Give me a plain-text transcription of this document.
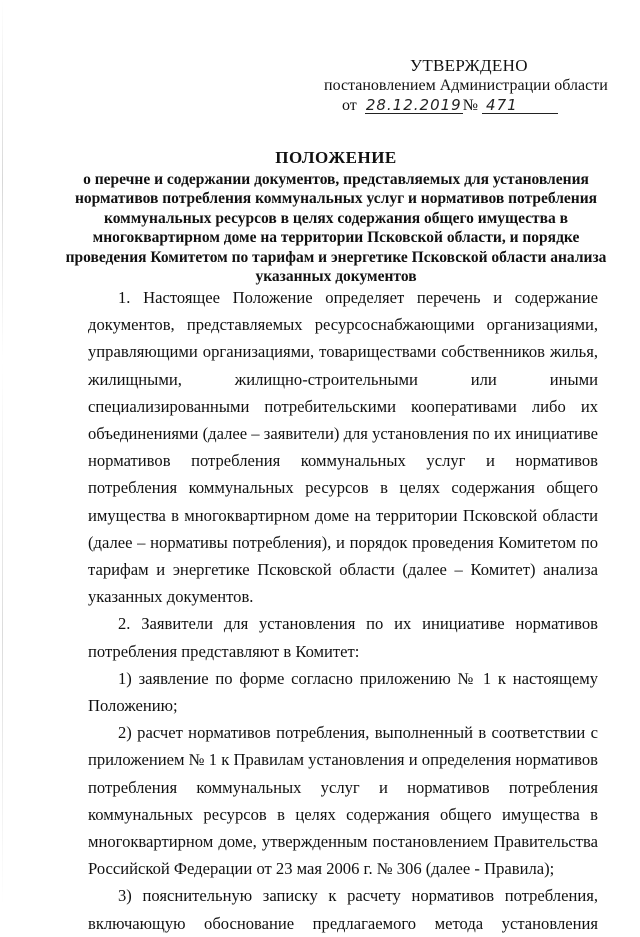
УТВЕРЖДЕНО
постановлением Администрации области
от 28.12.2019№ 471
ПОЛОЖЕНИЕ
о перечне и содержании документов, представляемых для установления нормативов потребления коммунальных услуг и нормативов потребления коммунальных ресурсов в целях содержания общего имущества в многоквартирном доме на территории Псковской области, и порядке проведения Комитетом по тарифам и энергетике Псковской области анализа указанных документов

1. Настоящее Положение определяет перечень и содержание документов, представляемых ресурсоснабжающими организациями, управляющими организациями, товариществами собственников жилья, жилищными, жилищно-строительными или иными специализированными потребительскими кооперативами либо их объединениями (далее – заявители) для установления по их инициативе нормативов потребления коммунальных услуг и нормативов потребления коммунальных ресурсов в целях содержания общего имущества в многоквартирном доме на территории Псковской области (далее – нормативы потребления), и порядок проведения Комитетом по тарифам и энергетике Псковской области (далее – Комитет) анализа указанных документов.

2. Заявители для установления по их инициативе нормативов потребления представляют в Комитет:

1) заявление по форме согласно приложению № 1 к настоящему Положению;

2) расчет нормативов потребления, выполненный в соответствии с приложением № 1 к Правилам установления и определения нормативов потребления коммунальных услуг и нормативов потребления коммунальных ресурсов в целях содержания общего имущества в многоквартирном доме, утвержденным постановлением Правительства Российской Федерации от 23 мая 2006 г. № 306 (далее - Правила);

3) пояснительную записку к расчету нормативов потребления, включающую обоснование предлагаемого метода установления
